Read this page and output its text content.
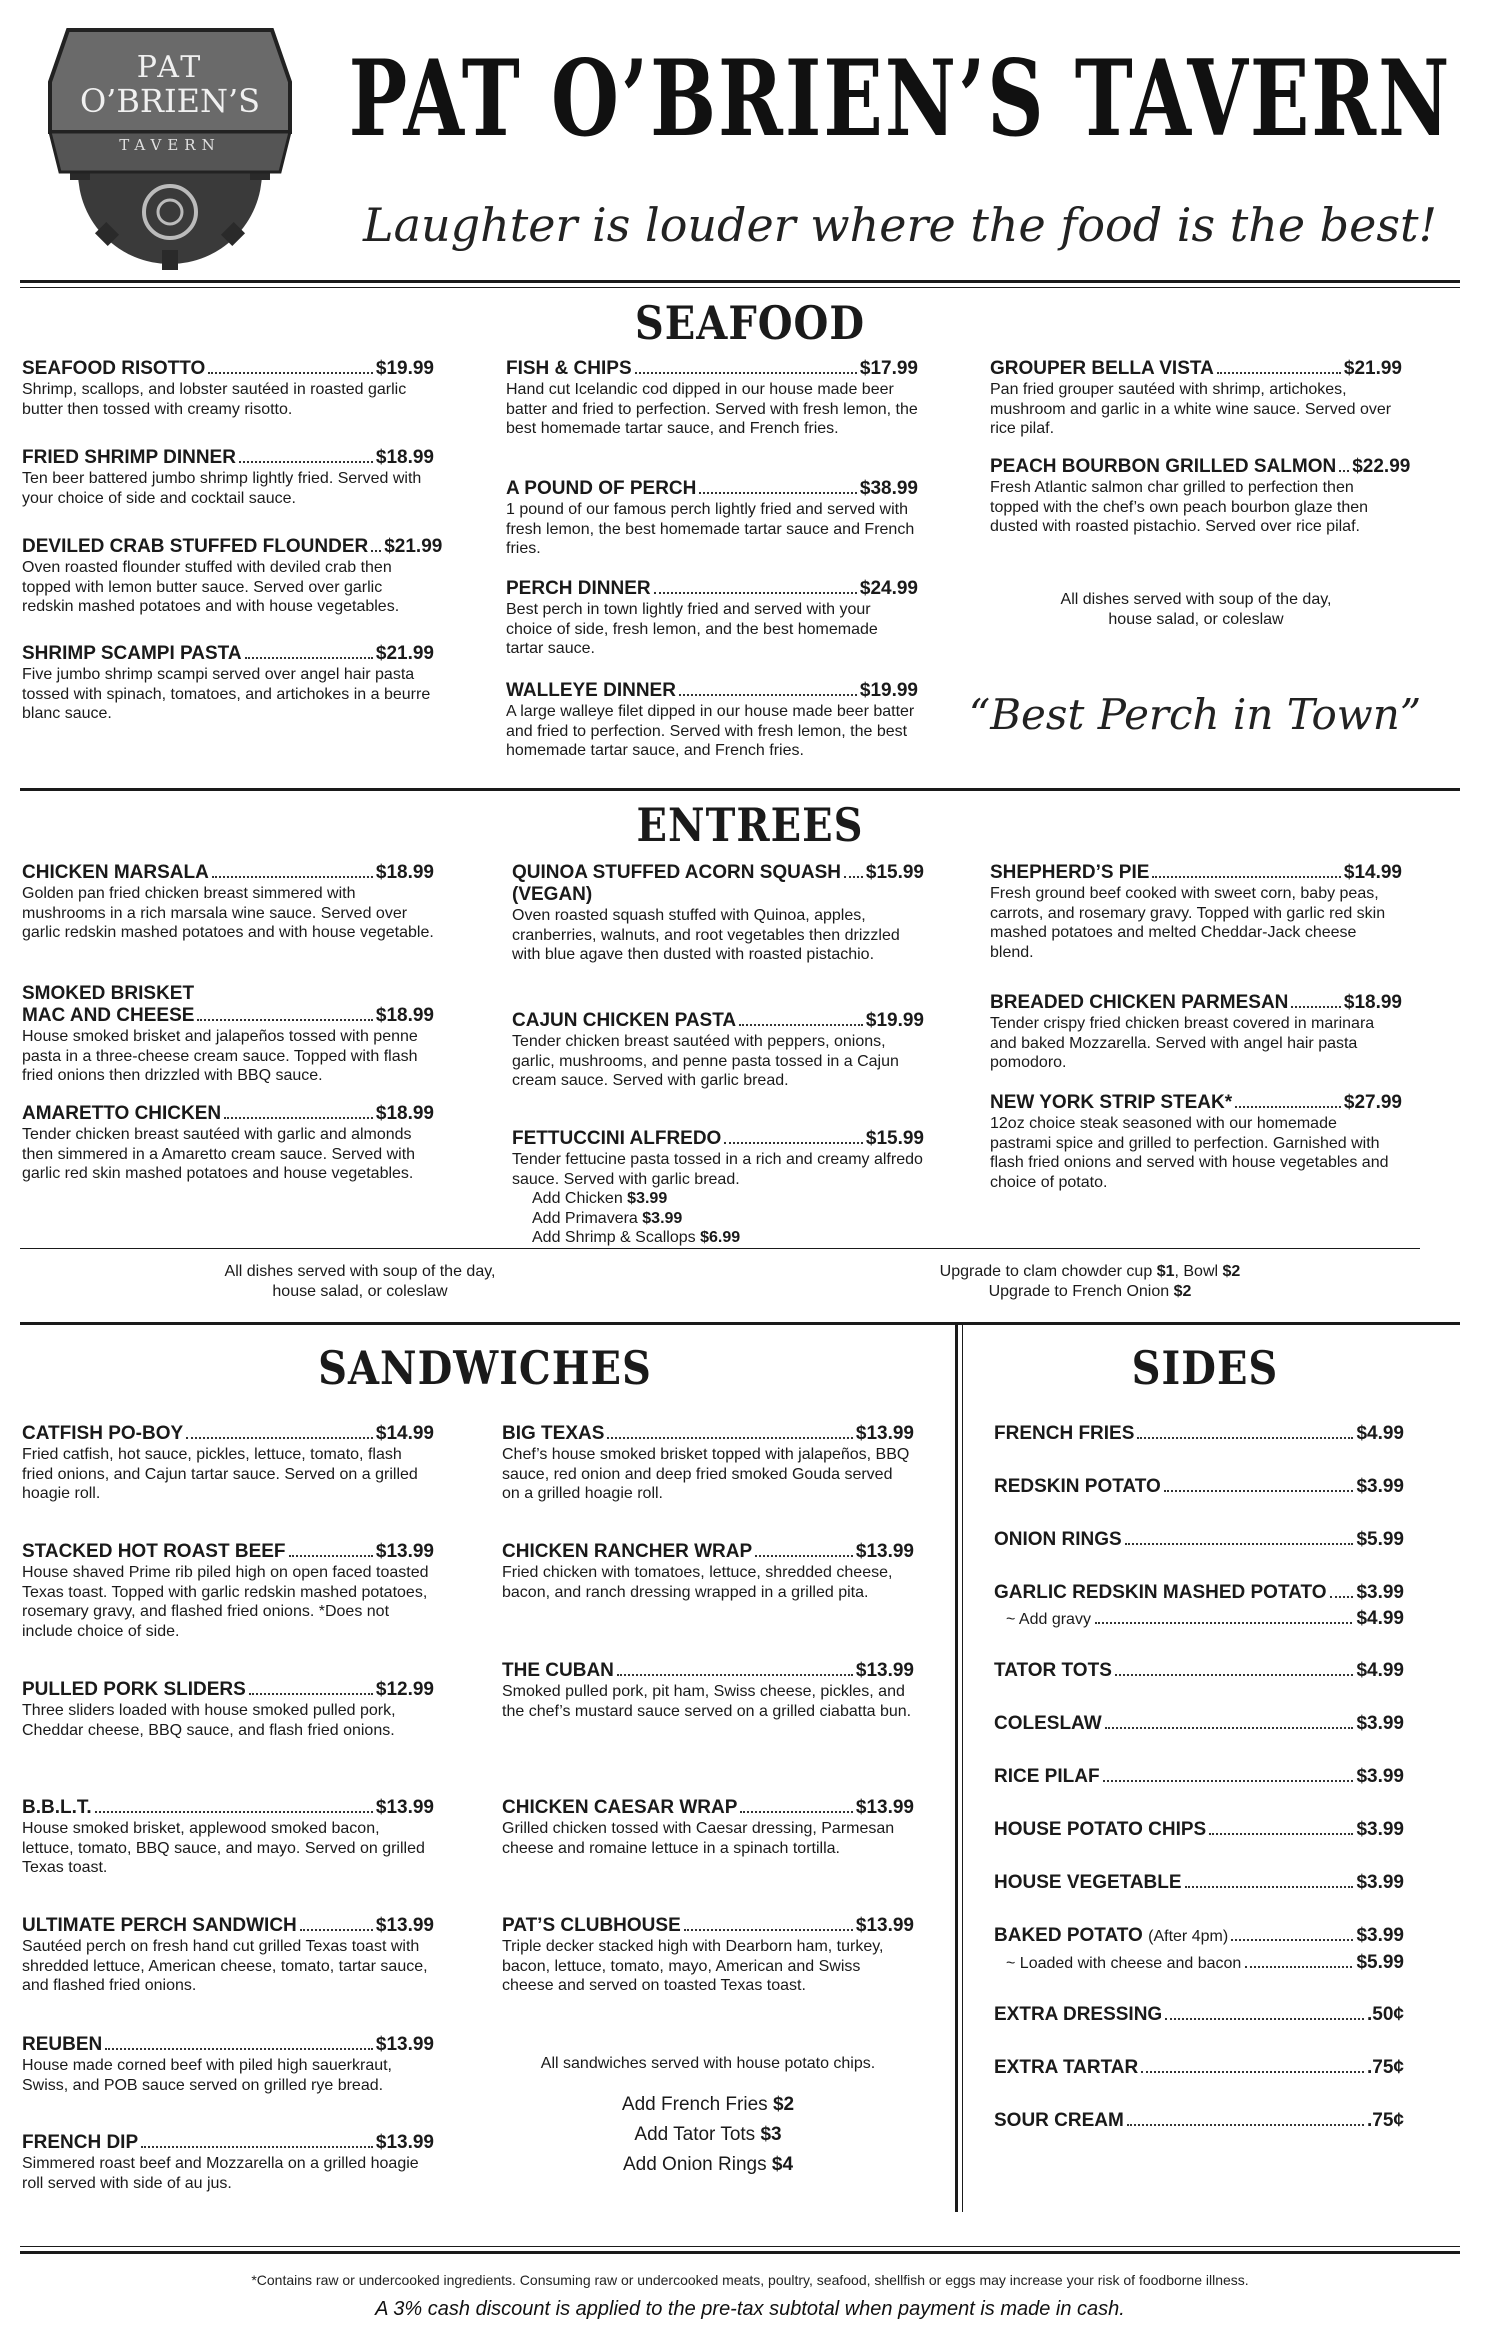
PAT
O’BRIEN’S
TAVERN	PAT O’BRIEN’S TAVERN
Laughter is louder where the food is the best!
SEAFOOD
SEAFOOD RISOTTO	$19.99
Shrimp, scallops, and lobster sautéed in roasted garlic butter then tossed with creamy risotto.
FRIED SHRIMP DINNER	$18.99
Ten beer battered jumbo shrimp lightly fried. Served with your choice of side and cocktail sauce.
DEVILED CRAB STUFFED FLOUNDER $21.99
Oven roasted flounder stuffed with deviled crab then topped with lemon butter sauce. Served over garlic redskin mashed potatoes and with house vegetables.
SHRIMP SCAMPI PASTA	$21.99
Five jumbo shrimp scampi served over angel hair pasta tossed with spinach, tomatoes, and artichokes in a beurre blanc sauce.
FISH & CHIPS	$17.99
Hand cut Icelandic cod dipped in our house made beer batter and fried to perfection. Served with fresh lemon, the best homemade tartar sauce, and French fries.
A POUND OF PERCH	$38.99
1 pound of our famous perch lightly fried and served with fresh lemon, the best homemade tartar sauce and French fries.
PERCH DINNER	$24.99
Best perch in town lightly fried and served with your choice of side, fresh lemon, and the best homemade tartar sauce.
WALLEYE DINNER	$19.99
A large walleye filet dipped in our house made beer batter and fried to perfection. Served with fresh lemon, the best homemade tartar sauce, and French fries.
GROUPER BELLA VISTA	$21.99
Pan fried grouper sautéed with shrimp, artichokes, mushroom and garlic in a white wine sauce. Served over rice pilaf.
PEACH BOURBON GRILLED SALMON $22.99
Fresh Atlantic salmon char grilled to perfection then topped with the chef’s own peach bourbon glaze then dusted with roasted pistachio. Served over rice pilaf.
All dishes served with soup of the day,
house salad, or coleslaw
“Best Perch in Town”
ENTREES
CHICKEN MARSALA	$18.99
Golden pan fried chicken breast simmered with mushrooms in a rich marsala wine sauce. Served over garlic redskin mashed potatoes and with house vegetable.
SMOKED BRISKET
MAC AND CHEESE	$18.99
House smoked brisket and jalapeños tossed with penne pasta in a three-cheese cream sauce. Topped with flash fried onions then drizzled with BBQ sauce.
AMARETTO CHICKEN	$18.99
Tender chicken breast sautéed with garlic and almonds then simmered in a Amaretto cream sauce. Served with garlic red skin mashed potatoes and house vegetables.
QUINOA STUFFED ACORN SQUASH $15.99
(VEGAN)
Oven roasted squash stuffed with Quinoa, apples, cranberries, walnuts, and root vegetables then drizzled with blue agave then dusted with roasted pistachio.
CAJUN CHICKEN PASTA	$19.99
Tender chicken breast sautéed with peppers, onions, garlic, mushrooms, and penne pasta tossed in a Cajun cream sauce. Served with garlic bread.
FETTUCCINI ALFREDO	$15.99
Tender fettucine pasta tossed in a rich and creamy alfredo sauce. Served with garlic bread.
Add Chicken $3.99
Add Primavera $3.99
Add Shrimp & Scallops $6.99
SHEPHERD’S PIE	$14.99
Fresh ground beef cooked with sweet corn, baby peas, carrots, and rosemary gravy. Topped with garlic red skin mashed potatoes and melted Cheddar-Jack cheese blend.
BREADED CHICKEN PARMESAN	$18.99
Tender crispy fried chicken breast covered in marinara and baked Mozzarella. Served with angel hair pasta pomodoro.
NEW YORK STRIP STEAK*	$27.99
12oz choice steak seasoned with our homemade pastrami spice and grilled to perfection. Garnished with flash fried onions and served with house vegetables and choice of potato.
All dishes served with soup of the day,
house salad, or coleslaw
Upgrade to clam chowder cup $1, Bowl $2
Upgrade to French Onion $2
SANDWICHES
CATFISH PO-BOY	$14.99
Fried catfish, hot sauce, pickles, lettuce, tomato, flash fried onions, and Cajun tartar sauce. Served on a grilled hoagie roll.
STACKED HOT ROAST BEEF	$13.99
House shaved Prime rib piled high on open faced toasted Texas toast. Topped with garlic redskin mashed potatoes, rosemary gravy, and flashed fried onions. *Does not include choice of side.
PULLED PORK SLIDERS	$12.99
Three sliders loaded with house smoked pulled pork, Cheddar cheese, BBQ sauce, and flash fried onions.
B.B.L.T.	$13.99
House smoked brisket, applewood smoked bacon, lettuce, tomato, BBQ sauce, and mayo. Served on grilled Texas toast.
ULTIMATE PERCH SANDWICH	$13.99
Sautéed perch on fresh hand cut grilled Texas toast with shredded lettuce, American cheese, tomato, tartar sauce, and flashed fried onions.
REUBEN	$13.99
House made corned beef with piled high sauerkraut, Swiss, and POB sauce served on grilled rye bread.
FRENCH DIP	$13.99
Simmered roast beef and Mozzarella on a grilled hoagie roll served with side of au jus.
BIG TEXAS	$13.99
Chef’s house smoked brisket topped with jalapeños, BBQ sauce, red onion and deep fried smoked Gouda served on a grilled hoagie roll.
CHICKEN RANCHER WRAP	$13.99
Fried chicken with tomatoes, lettuce, shredded cheese, bacon, and ranch dressing wrapped in a grilled pita.
THE CUBAN	$13.99
Smoked pulled pork, pit ham, Swiss cheese, pickles, and the chef’s mustard sauce served on a grilled ciabatta bun.
CHICKEN CAESAR WRAP	$13.99
Grilled chicken tossed with Caesar dressing, Parmesan cheese and romaine lettuce in a spinach tortilla.
PAT’S CLUBHOUSE	$13.99
Triple decker stacked high with Dearborn ham, turkey, bacon, lettuce, tomato, mayo, American and Swiss cheese and served on toasted Texas toast.
All sandwiches served with house potato chips.
Add French Fries $2
Add Tator Tots $3
Add Onion Rings $4
SIDES
FRENCH FRIES	$4.99
REDSKIN POTATO	$3.99
ONION RINGS	$5.99
GARLIC REDSKIN MASHED POTATO $3.99
~ Add gravy	$4.99
TATOR TOTS	$4.99
COLESLAW	$3.99
RICE PILAF	$3.99
HOUSE POTATO CHIPS	$3.99
HOUSE VEGETABLE	$3.99
BAKED POTATO
(After 4pm)	$3.99
~ Loaded with cheese and bacon	$5.99
EXTRA DRESSING	.50¢
EXTRA TARTAR	.75¢
SOUR CREAM	.75¢
*Contains raw or undercooked ingredients. Consuming raw or undercooked meats, poultry, seafood, shellfish or eggs may increase your risk of foodborne illness.
A 3% cash discount is applied to the pre-tax subtotal when payment is made in cash.
